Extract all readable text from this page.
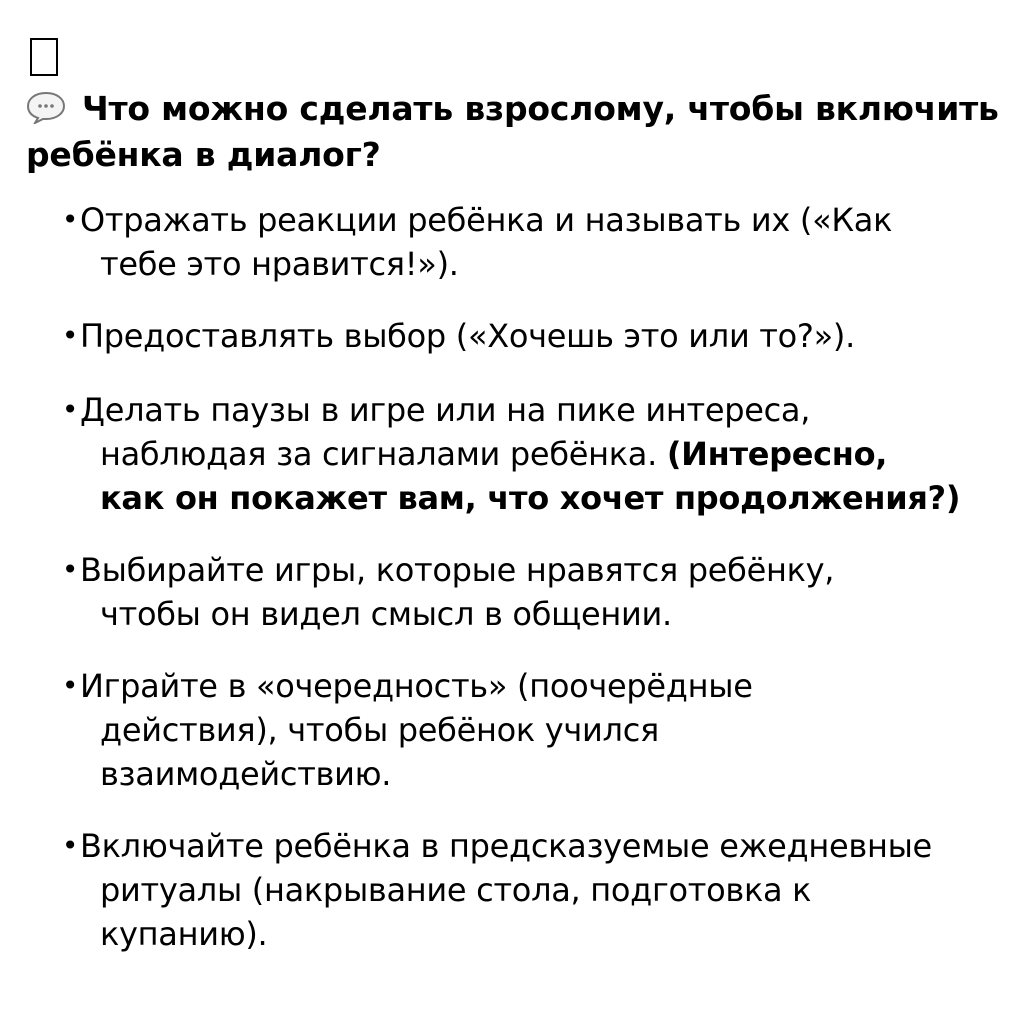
Что можно сделать взрослому, чтобы включить
ребёнка в диалог?
• Отражать реакции ребёнка и называть их («Как
тебе это нравится!»).
• Предоставлять выбор («Хочешь это или то?»).
• Делать паузы в игре или на пике интереса,
наблюдая за сигналами ребёнка. (Интересно,
как он покажет вам, что хочет продолжения?)
• Выбирайте игры, которые нравятся ребёнку,
чтобы он видел смысл в общении.
• Играйте в «очередность» (поочерёдные
действия), чтобы ребёнок учился
взаимодействию.
• Включайте ребёнка в предсказуемые ежедневные
ритуалы (накрывание стола, подготовка к
купанию).
